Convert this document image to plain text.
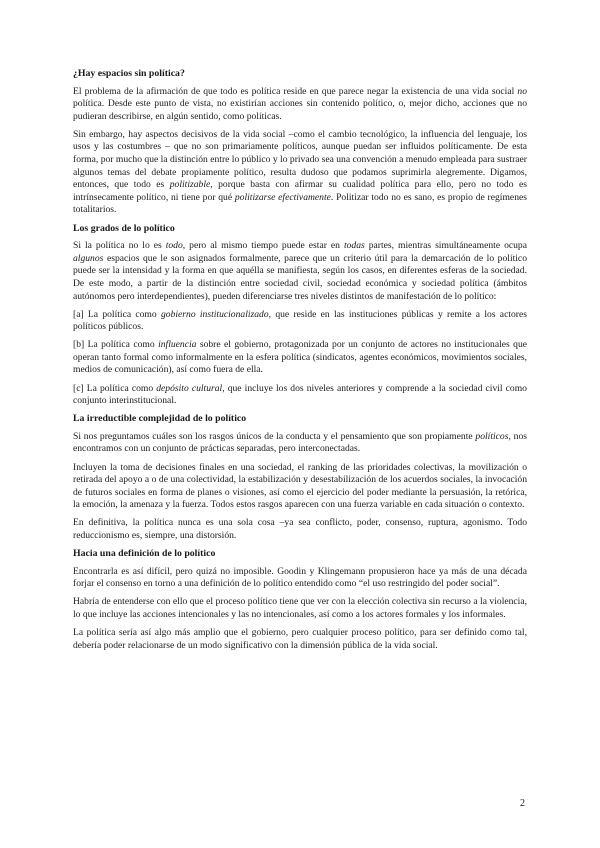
¿Hay espacios sin política?

El problema de la afirmación de que todo es política reside en que parece negar la existencia de una vida social no política. Desde este punto de vista, no existirían acciones sin contenido político, o, mejor dicho, acciones que no pudieran describirse, en algún sentido, como políticas.

Sin embargo, hay aspectos decisivos de la vida social –como el cambio tecnológico, la influencia del lenguaje, los usos y las costumbres – que no son primariamente políticos, aunque puedan ser influidos políticamente. De esta forma, por mucho que la distinción entre lo público y lo privado sea una convención a menudo empleada para sustraer algunos temas del debate propiamente político, resulta dudoso que podamos suprimirla alegremente. Digamos, entonces, que todo es politizable, porque basta con afirmar su cualidad política para ello, pero no todo es intrínsecamente político, ni tiene por qué politizarse efectivamente. Politizar todo no es sano, es propio de regímenes totalitarios.

Los grados de lo político

Si la política no lo es todo, pero al mismo tiempo puede estar en todas partes, mientras simultáneamente ocupa algunos espacios que le son asignados formalmente, parece que un criterio útil para la demarcación de lo político puede ser la intensidad y la forma en que aquélla se manifiesta, según los casos, en diferentes esferas de la sociedad. De este modo, a partir de la distinción entre sociedad civil, sociedad económica y sociedad política (ámbitos autónomos pero interdependientes), pueden diferenciarse tres niveles distintos de manifestación de lo político:

[a] La política como gobierno institucionalizado, que reside en las instituciones públicas y remite a los actores políticos públicos.

[b] La política como influencia sobre el gobierno, protagonizada por un conjunto de actores no institucionales que operan tanto formal como informalmente en la esfera política (sindicatos, agentes económicos, movimientos sociales, medios de comunicación), así como fuera de ella.

[c] La política como depósito cultural, que incluye los dos niveles anteriores y comprende a la sociedad civil como conjunto interinstitucional.

La irreductible complejidad de lo político

Si nos preguntamos cuáles son los rasgos únicos de la conducta y el pensamiento que son propiamente políticos, nos encontramos con un conjunto de prácticas separadas, pero interconectadas.

Incluyen la toma de decisiones finales en una sociedad, el ranking de las prioridades colectivas, la movilización o retirada del apoyo a o de una colectividad, la estabilización y desestabilización de los acuerdos sociales, la invocación de futuros sociales en forma de planes o visiones, así como el ejercicio del poder mediante la persuasión, la retórica, la emoción, la amenaza y la fuerza. Todos estos rasgos aparecen con una fuerza variable en cada situación o contexto.

En definitiva, la política nunca es una sola cosa –ya sea conflicto, poder, consenso, ruptura, agonismo. Todo reduccionismo es, siempre, una distorsión.

Hacia una definición de lo político

Encontrarla es así difícil, pero quizá no imposible. Goodin y Klingemann propusieron hace ya más de una década forjar el consenso en torno a una definición de lo político entendido como “el uso restringido del poder social”.

Habría de entenderse con ello que el proceso político tiene que ver con la elección colectiva sin recurso a la violencia, lo que incluye las acciones intencionales y las no intencionales, así como a los actores formales y los informales.

La política sería así algo más amplio que el gobierno, pero cualquier proceso político, para ser definido como tal, debería poder relacionarse de un modo significativo con la dimensión pública de la vida social.

2
